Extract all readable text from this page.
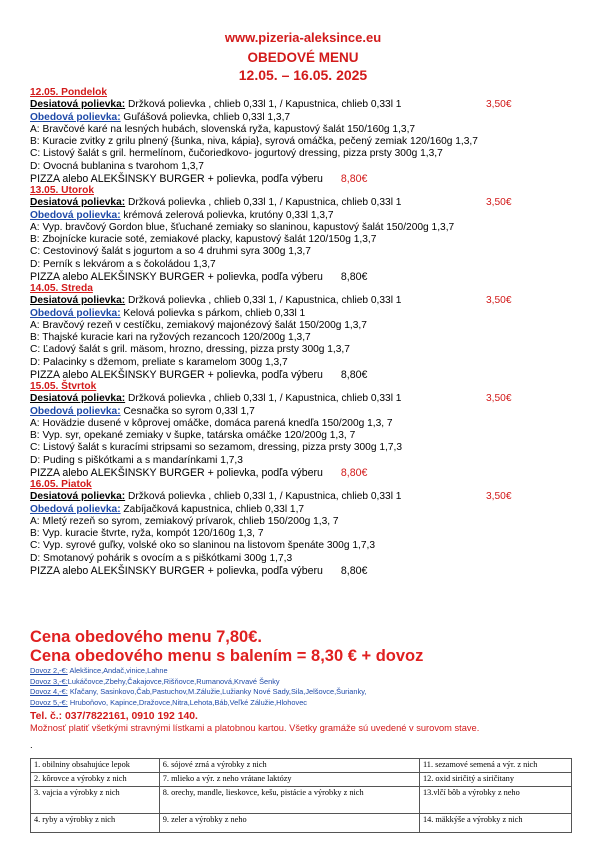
www.pizeria-aleksince.eu
OBEDOVÉ MENU
12.05. – 16.05. 2025
12.05. Pondelok
Desiatová polievka: Držková polievka , chlieb 0,33l 1, / Kapustnica, chlieb 0,33l 1	3,50€
Obedová polievka: Guľášová polievka, chlieb 0,33l 1,3,7
A: Bravčové karé na lesných hubách, slovenská ryža, kapustový šalát 150/160g 1,3,7
B: Kuracie zvitky z grilu plnený {šunka, niva, kápia}, syrová omáčka, pečený zemiak 120/160g 1,3,7
C: Listový šalát s gril. hermelínom, čučoriedkovo- jogurtový dressing, pizza prsty 300g 1,3,7
D: Ovocná bublanina s tvarohom 1,3,7
PIZZA alebo ALEKŠINSKY BURGER + polievka, podľa výberu 8,80€
13.05. Utorok
Desiatová polievka: Držková polievka , chlieb 0,33l 1, / Kapustnica, chlieb 0,33l 1	3,50€
Obedová polievka: krémová zelerová polievka, krutóny 0,33l 1,3,7
A: Vyp. bravčový Gordon blue, šťuchané zemiaky so slaninou, kapustový šalát 150/200g 1,3,7
B: Zbojnícke kuracie soté, zemiakové placky, kapustový šalát 120/150g 1,3,7
C: Cestovinový šalát s jogurtom a so 4 druhmi syra 300g 1,3,7
D: Perník s lekvárom a s čokoládou 1,3,7
PIZZA alebo ALEKŠINSKY BURGER + polievka, podľa výberu 8,80€
14.05. Streda
Desiatová polievka: Držková polievka , chlieb 0,33l 1, / Kapustnica, chlieb 0,33l 1	3,50€
Obedová polievka: Kelová polievka s párkom, chlieb 0,33l 1
A: Bravčový rezeň v cestíčku, zemiakový majonézový šalát 150/200g 1,3,7
B: Thajské kuracie kari na ryžových rezancoch 120/200g 1,3,7
C: Ľadový šalát s gril. mäsom, hrozno, dressing, pizza prsty 300g 1,3,7
D: Palacinky s džemom, preliate s karamelom 300g 1,3,7
PIZZA alebo ALEKŠINSKY BURGER + polievka, podľa výberu 8,80€
15.05. Štvrtok
Desiatová polievka: Držková polievka , chlieb 0,33l 1, / Kapustnica, chlieb 0,33l 1	3,50€
Obedová polievka: Cesnačka so syrom 0,33l 1,7
A: Hovädzie dusené v kôprovej omáčke, domáca parená knedľa 150/200g 1,3, 7
B: Vyp. syr, opekané zemiaky v šupke, tatárska omáčke 120/200g 1,3, 7
C: Listový šalát s kuracími stripsami so sezamom, dressing, pizza prsty 300g 1,7,3
D: Puding s piškótkami a s mandarínkami 1,7,3
PIZZA alebo ALEKŠINSKY BURGER + polievka, podľa výberu 8,80€
16.05. Piatok
Desiatová polievka: Držková polievka , chlieb 0,33l 1, / Kapustnica, chlieb 0,33l 1	3,50€
Obedová polievka: Zabíjačková kapustnica, chlieb 0,33l 1,7
A: Mletý rezeň so syrom, zemiakový prívarok, chlieb 150/200g 1,3, 7
B: Vyp. kuracie štvrte, ryža, kompót 120/160g 1,3, 7
C: Vyp. syrové guľky, volské oko so slaninou na listovom špenáte 300g 1,7,3
D: Smotanový pohárik s ovocím a s piškótkami 300g 1,7,3
PIZZA alebo ALEKŠINSKY BURGER + polievka, podľa výberu 8,80€
Cena obedového menu 7,80€.
Cena obedového menu s balením = 8,30 € + dovoz
Dovoz 2,-€: Alekšince,Andač,vinice,Lahne
Dovoz 3,-€:Lukáčovce,Zbehy,Čakajovce,Rišňovce,Rumanová,Krvavé Šenky
Dovoz 4,-€: Kľačany, Sasinkovo,Čab,Pastuchov,M.Zálužie,Lužianky Nové Sady,Sila,Jelšovce,Šurianky,
Dovoz 5,-€: Hruboňovo, Kapince,Dražovce,Nitra,Lehota,Báb,Veľké Zálužie,Hlohovec
Tel. č.: 037/7822161, 0910 192 140.
Možnosť platiť všetkými stravnými lístkami a platobnou kartou. Všetky gramáže sú uvedené v surovom stave.
.
1. obilniny obsahujúce lepok	6. sójové zrná a výrobky z nich	11. sezamové semená a výr. z nich
2. kôrovce a výrobky z nich	7. mlieko a výr. z neho vrátane laktózy	12. oxid siričitý a siričitany
3. vajcia a výrobky z nich	8. orechy, mandle, lieskovce, kešu, pistácie a výrobky z nich	13.vlčí bôb a výrobky z neho
4. ryby a výrobky z nich	9. zeler a výrobky z neho	14. mäkkýše a výrobky z nich
